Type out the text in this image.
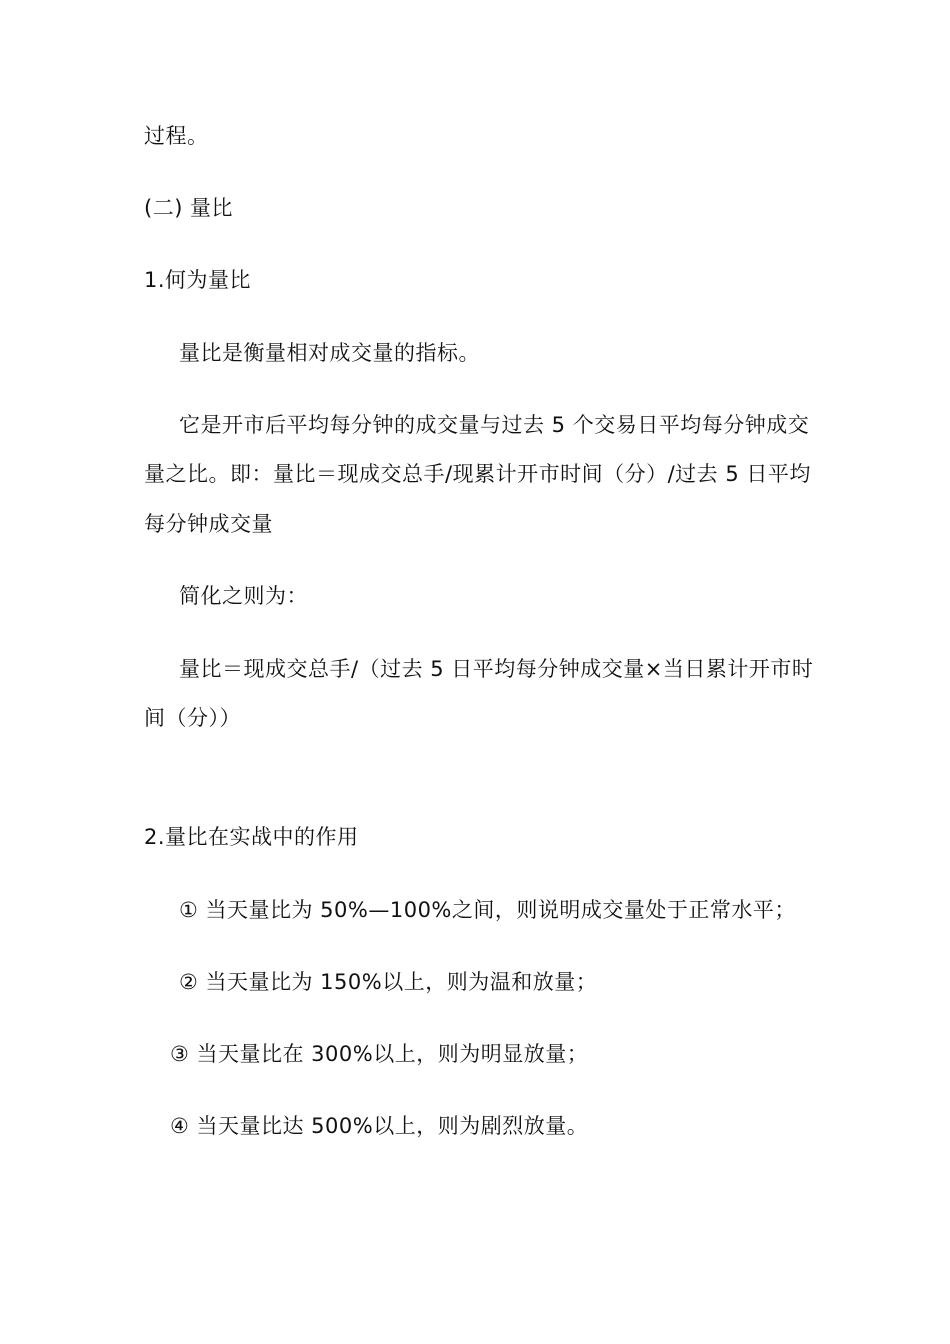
过程。
(二) 量比
1.何为量比
量比是衡量相对成交量的指标。
它是开市后平均每分钟的成交量与过去 5 个交易日平均每分钟成交
量之比。即：量比＝现成交总手/现累计开市时间（分）/过去 5 日平均
每分钟成交量
简化之则为：
量比＝现成交总手/（过去 5 日平均每分钟成交量×当日累计开市时
间（分））
2.量比在实战中的作用
① 当天量比为 50%—100%之间，则说明成交量处于正常水平；
② 当天量比为 150%以上，则为温和放量；
③ 当天量比在 300%以上，则为明显放量；
④ 当天量比达 500%以上，则为剧烈放量。
